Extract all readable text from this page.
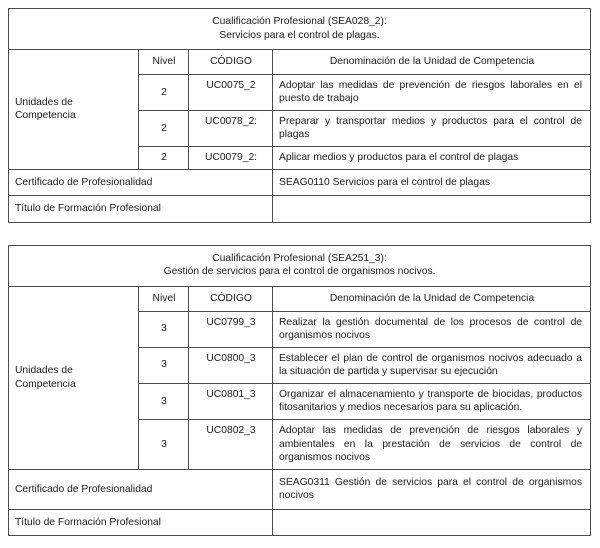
Cualificación Profesional (SEA028_2):
Servicios para el control de plagas.			

Unidades de
Competencia	Nivel	CÓDIGO	Denominación de la Unidad de Competencia
	2	UC0075_2	Adoptar las medidas de prevención de riesgos laborales en el puesto de trabajo
	2	UC0078_2:	Preparar y transportar medios y productos para el control de plagas
	2	UC0079_2:	Aplicar medios y productos para el control de plagas
Certificado de Profesionalidad			SEAG0110 Servicios para el control de plagas
Título de Formación Profesional			
Cualificación Profesional (SEA251_3):
Gestión de servicios para el control de organismos nocivos.			

Unidades de
Competencia	Nivel	CÓDIGO	Denominación de la Unidad de Competencia
	3	UC0799_3	Realizar la gestión documental de los procesos de control de organismos nocivos
	3	UC0800_3	Establecer el plan de control de organismos nocivos adecuado a la situación de partida y supervisar su ejecución
	3	UC0801_3	Organizar el almacenamiento y transporte de biocidas, productos fitosanitarios y medios necesarios para su aplicación.
	3	UC0802_3	Adoptar las medidas de prevención de riesgos laborales y ambientales en la prestación de servicios de control de organismos nocivos
Certificado de Profesionalidad			SEAG0311 Gestión de servicios para el control de organismos nocivos
Título de Formación Profesional			
